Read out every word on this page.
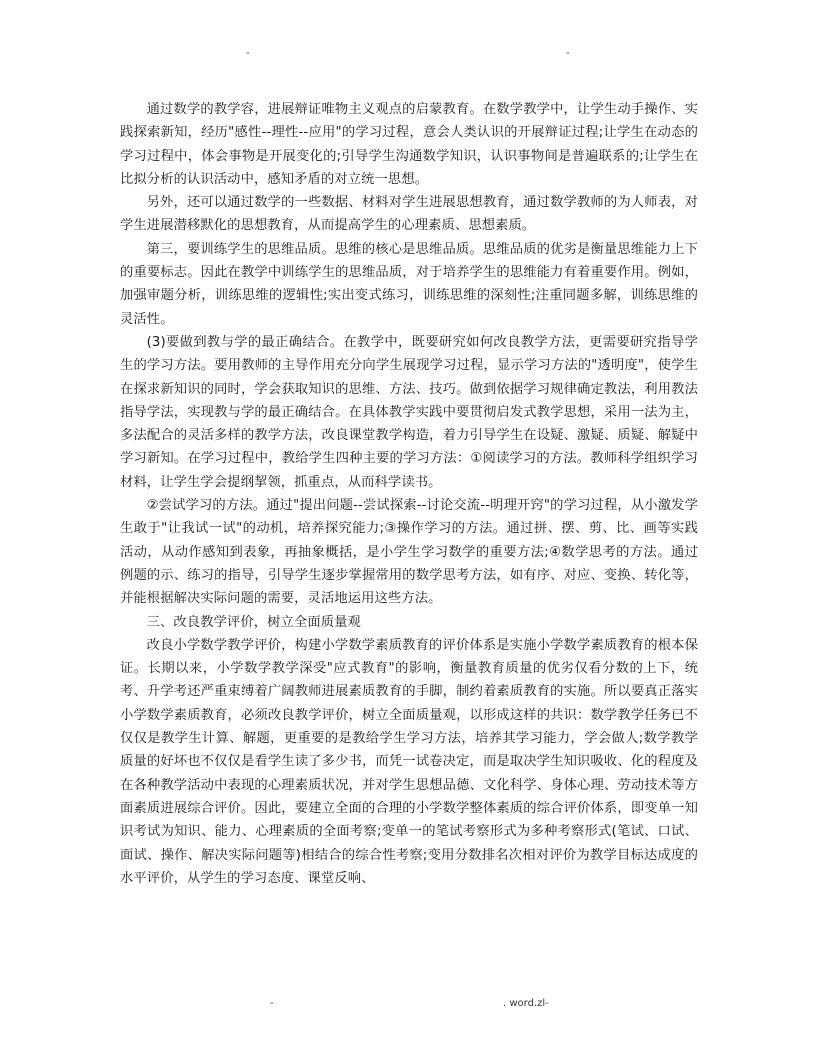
-	-

通过数学的教学容，进展辩证唯物主义观点的启蒙教育。在数学教学中，让学生动手操作、实践探索新知，经历"感性--理性--应用"的学习过程，意会人类认识的开展辩证过程;让学生在动态的学习过程中，体会事物是开展变化的;引导学生沟通数学知识，认识事物间是普遍联系的;让学生在比拟分析的认识活动中，感知矛盾的对立统一思想。

另外，还可以通过数学的一些数据、材料对学生进展思想教育，通过数学教师的为人师表，对学生进展潜移默化的思想教育，从而提高学生的心理素质、思想素质。

第三，要训练学生的思维品质。思维的核心是思维品质。思维品质的优劣是衡量思维能力上下的重要标志。因此在教学中训练学生的思维品质，对于培养学生的思维能力有着重要作用。例如，加强审题分析，训练思维的逻辑性;实出变式练习，训练思维的深刻性;注重同题多解，训练思维的灵活性。

(3)要做到教与学的最正确结合。在教学中，既要研究如何改良教学方法，更需要研究指导学生的学习方法。要用教师的主导作用充分向学生展现学习过程，显示学习方法的"透明度"，使学生在探求新知识的同时，学会获取知识的思维、方法、技巧。做到依据学习规律确定教法，利用教法指导学法，实现教与学的最正确结合。在具体教学实践中要贯彻启发式教学思想，采用一法为主，多法配合的灵活多样的教学方法，改良课堂教学构造，着力引导学生在设疑、激疑、质疑、解疑中学习新知。在学习过程中，教给学生四种主要的学习方法：①阅读学习的方法。教师科学组织学习材料，让学生学会提纲挈领，抓重点，从而科学读书。

②尝试学习的方法。通过"提出问题--尝试探索--讨论交流--明理开窍"的学习过程，从小激发学生敢于"让我试一试"的动机，培养探究能力;③操作学习的方法。通过拼、摆、剪、比、画等实践活动，从动作感知到表象，再抽象概括，是小学生学习数学的重要方法;④数学思考的方法。通过例题的示、练习的指导，引导学生逐步掌握常用的数学思考方法，如有序、对应、变换、转化等，并能根据解决实际问题的需要，灵活地运用这些方法。

三、改良教学评价，树立全面质量观

改良小学数学教学评价，构建小学数学素质教育的评价体系是实施小学数学素质教育的根本保证。长期以来，小学数学教学深受"应式教育"的影响，衡量教育质量的优劣仅看分数的上下，统考、升学考还严重束缚着广阔教师进展素质教育的手脚，制约着素质教育的实施。所以要真正落实小学数学素质教育，必须改良教学评价，树立全面质量观，以形成这样的共识：数学教学任务已不仅仅是教学生计算、解题，更重要的是教给学生学习方法，培养其学习能力，学会做人;数学教学质量的好坏也不仅仅是看学生读了多少书，而凭一试卷决定，而是取决学生知识吸收、化的程度及在各种教学活动中表现的心理素质状况，并对学生思想品德、文化科学、身体心理、劳动技术等方面素质进展综合评价。因此，要建立全面的合理的小学数学整体素质的综合评价体系，即变单一知识考试为知识、能力、心理素质的全面考察;变单一的笔试考察形式为多种考察形式(笔试、口试、面试、操作、解决实际问题等)相结合的综合性考察;变用分数排名次相对评价为教学目标达成度的水平评价，从学生的学习态度、课堂反响、

-	. word.zl-
